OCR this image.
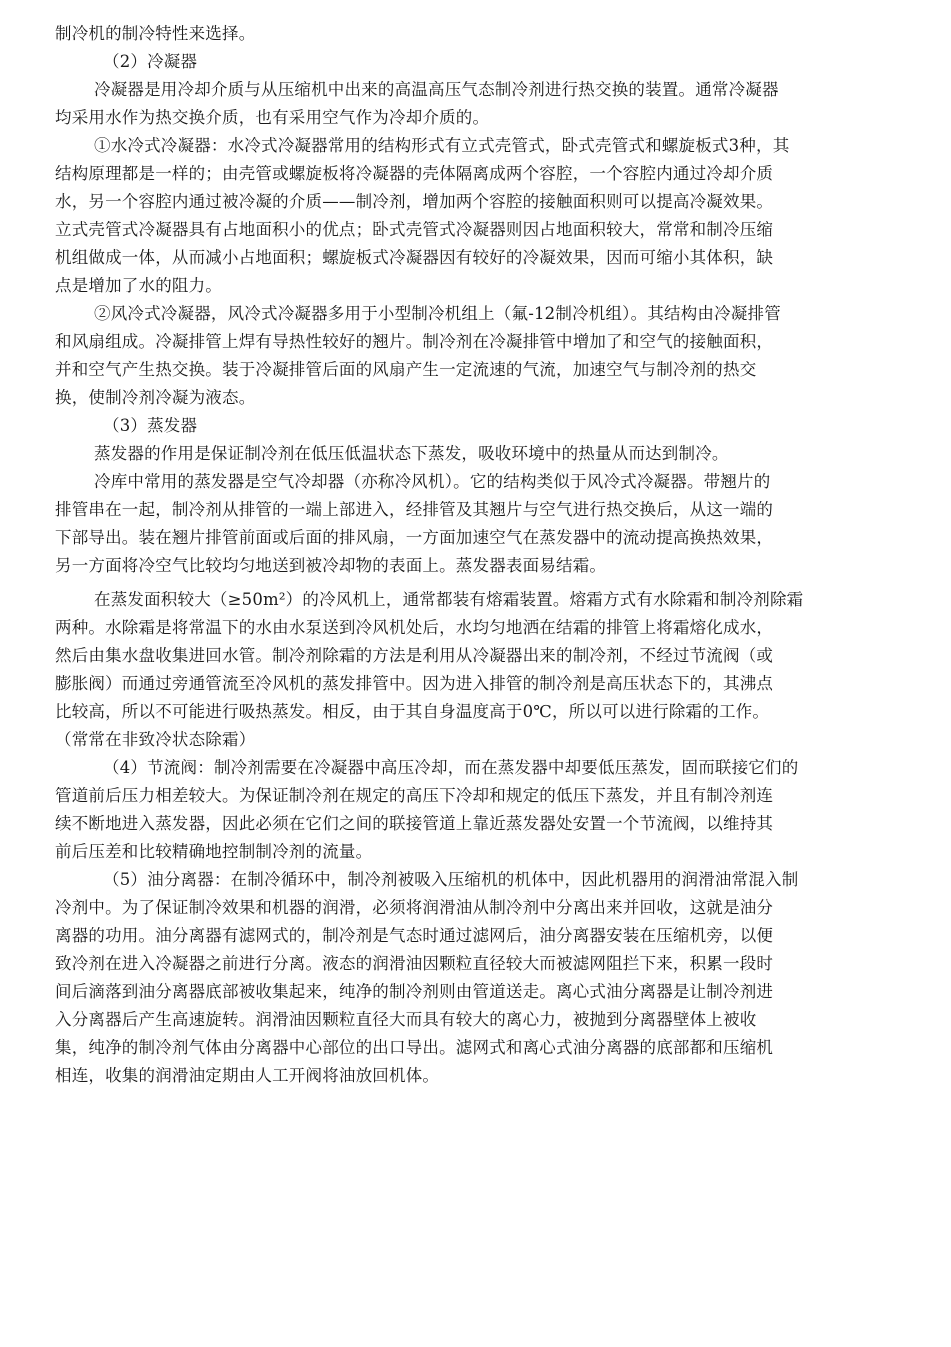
制冷机的制冷特性来选择。
（2）冷凝器
冷凝器是用冷却介质与从压缩机中出来的高温高压气态制冷剂进行热交换的装置。通常冷凝器
均采用水作为热交换介质，也有采用空气作为冷却介质的。
①水冷式冷凝器：水冷式冷凝器常用的结构形式有立式壳管式，卧式壳管式和螺旋板式3种，其
结构原理都是一样的；由壳管或螺旋板将冷凝器的壳体隔离成两个容腔，一个容腔内通过冷却介质
水，另一个容腔内通过被冷凝的介质——制冷剂，增加两个容腔的接触面积则可以提高冷凝效果。
立式壳管式冷凝器具有占地面积小的优点；卧式壳管式冷凝器则因占地面积较大，常常和制冷压缩
机组做成一体，从而减小占地面积；螺旋板式冷凝器因有较好的冷凝效果，因而可缩小其体积，缺
点是增加了水的阻力。
②风冷式冷凝器，风冷式冷凝器多用于小型制冷机组上（氟-12制冷机组）。其结构由冷凝排管
和风扇组成。冷凝排管上焊有导热性较好的翘片。制冷剂在冷凝排管中增加了和空气的接触面积，
并和空气产生热交换。装于冷凝排管后面的风扇产生一定流速的气流，加速空气与制冷剂的热交
换，使制冷剂冷凝为液态。
（3）蒸发器
蒸发器的作用是保证制冷剂在低压低温状态下蒸发，吸收环境中的热量从而达到制冷。
冷库中常用的蒸发器是空气冷却器（亦称冷风机）。它的结构类似于风冷式冷凝器。带翘片的
排管串在一起，制冷剂从排管的一端上部进入，经排管及其翘片与空气进行热交换后，从这一端的
下部导出。装在翘片排管前面或后面的排风扇，一方面加速空气在蒸发器中的流动提高换热效果，
另一方面将冷空气比较均匀地送到被冷却物的表面上。蒸发器表面易结霜。
在蒸发面积较大（≥50m²）的冷风机上，通常都装有熔霜装置。熔霜方式有水除霜和制冷剂除霜
两种。水除霜是将常温下的水由水泵送到冷风机处后，水均匀地洒在结霜的排管上将霜熔化成水，
然后由集水盘收集进回水管。制冷剂除霜的方法是利用从冷凝器出来的制冷剂，不经过节流阀（或
膨胀阀）而通过旁通管流至冷风机的蒸发排管中。因为进入排管的制冷剂是高压状态下的，其沸点
比较高，所以不可能进行吸热蒸发。相反，由于其自身温度高于0℃，所以可以进行除霜的工作。
（常常在非致冷状态除霜）
（4）节流阀：制冷剂需要在冷凝器中高压冷却，而在蒸发器中却要低压蒸发，固而联接它们的
管道前后压力相差较大。为保证制冷剂在规定的高压下冷却和规定的低压下蒸发，并且有制冷剂连
续不断地进入蒸发器，因此必须在它们之间的联接管道上靠近蒸发器处安置一个节流阀，以维持其
前后压差和比较精确地控制制冷剂的流量。
（5）油分离器：在制冷循环中，制冷剂被吸入压缩机的机体中，因此机器用的润滑油常混入制
冷剂中。为了保证制冷效果和机器的润滑，必须将润滑油从制冷剂中分离出来并回收，这就是油分
离器的功用。油分离器有滤网式的，制冷剂是气态时通过滤网后，油分离器安装在压缩机旁，以便
致冷剂在进入冷凝器之前进行分离。液态的润滑油因颗粒直径较大而被滤网阻拦下来，积累一段时
间后滴落到油分离器底部被收集起来，纯净的制冷剂则由管道送走。离心式油分离器是让制冷剂进
入分离器后产生高速旋转。润滑油因颗粒直径大而具有较大的离心力，被抛到分离器壁体上被收
集，纯净的制冷剂气体由分离器中心部位的出口导出。滤网式和离心式油分离器的底部都和压缩机
相连，收集的润滑油定期由人工开阀将油放回机体。
